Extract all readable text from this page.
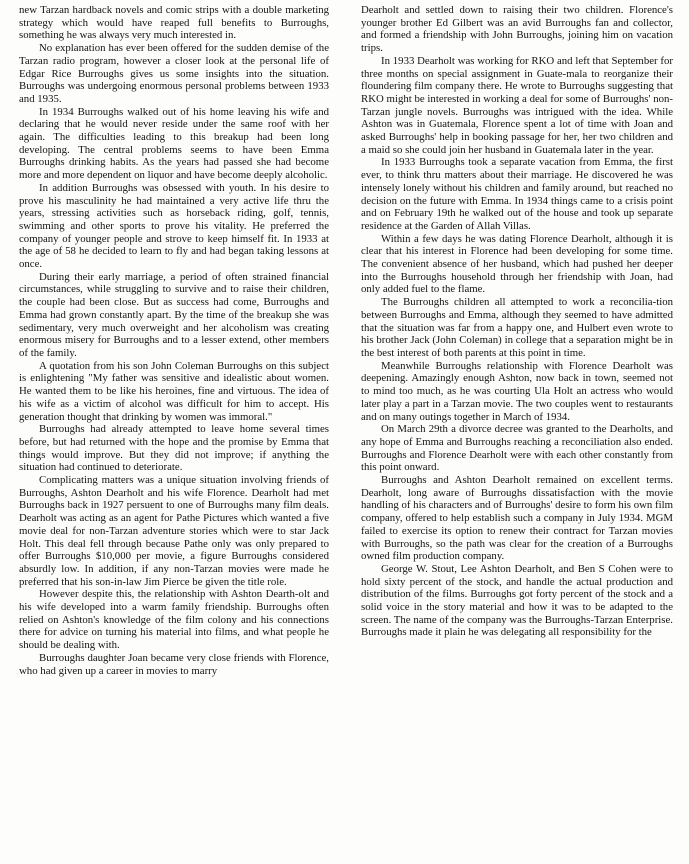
new Tarzan hardback novels and comic strips with a double marketing strategy which would have reaped full benefits to Burroughs, something he was always very much interested in.

No explanation has ever been offered for the sudden demise of the Tarzan radio program, however a closer look at the personal life of Edgar Rice Burroughs gives us some insights into the situation. Burroughs was undergoing enormous personal problems between 1933 and 1935.

In 1934 Burroughs walked out of his home leaving his wife and declaring that he would never reside under the same roof with her again. The difficulties leading to this breakup had been long developing. The central problems seems to have been Emma Burroughs drinking habits. As the years had passed she had become more and more dependent on liquor and have become deeply alcoholic.

In addition Burroughs was obsessed with youth. In his desire to prove his masculinity he had maintained a very active life thru the years, stressing activities such as horseback riding, golf, tennis, swimming and other sports to prove his vitality. He preferred the company of younger people and strove to keep himself fit. In 1933 at the age of 58 he decided to learn to fly and had began taking lessons at once.

During their early marriage, a period of often strained financial circumstances, while struggling to survive and to raise their children, the couple had been close. But as success had come, Burroughs and Emma had grown constantly apart. By the time of the breakup she was sedimentary, very much overweight and her alcoholism was creating enormous misery for Burroughs and to a lesser extend, other members of the family.

A quotation from his son John Coleman Burroughs on this subject is enlightening "My father was sensitive and idealistic about women. He wanted them to be like his heroines, fine and virtuous. The idea of his wife as a victim of alcohol was difficult for him to accept. His generation thought that drinking by women was immoral."

Burroughs had already attempted to leave home several times before, but had returned with the hope and the promise by Emma that things would improve. But they did not improve; if anything the situation had continued to deteriorate.

Complicating matters was a unique situation involving friends of Burroughs, Ashton Dearholt and his wife Florence. Dearholt had met Burroughs back in 1927 persuent to one of Burroughs many film deals. Dearholt was acting as an agent for Pathe Pictures which wanted a five movie deal for non-Tarzan adventure stories which were to star Jack Holt. This deal fell through because Pathe only was only prepared to offer Burroughs $10,000 per movie, a figure Burroughs considered absurdly low. In addition, if any non-Tarzan movies were made he preferred that his son-in-law Jim Pierce be given the title role.

However despite this, the relationship with Ashton Dearth-olt and his wife developed into a warm family friendship. Burroughs often relied on Ashton's knowledge of the film colony and his connections there for advice on turning his material into films, and what people he should be dealing with.

Burroughs daughter Joan became very close friends with Florence, who had given up a career in movies to marry

Dearholt and settled down to raising their two children. Florence's younger brother Ed Gilbert was an avid Burroughs fan and collector, and formed a friendship with John Burroughs, joining him on vacation trips.

In 1933 Dearholt was working for RKO and left that September for three months on special assignment in Guate-mala to reorganize their floundering film company there. He wrote to Burroughs suggesting that RKO might be interested in working a deal for some of Burroughs' non-Tarzan jungle novels. Burroughs was intrigued with the idea. While Ashton was in Guatemala, Florence spent a lot of time with Joan and asked Burroughs' help in booking passage for her, her two children and a maid so she could join her husband in Guatemala later in the year.

In 1933 Burroughs took a separate vacation from Emma, the first ever, to think thru matters about their marriage. He discovered he was intensely lonely without his children and family around, but reached no decision on the future with Emma. In 1934 things came to a crisis point and on February 19th he walked out of the house and took up separate residence at the Garden of Allah Villas.

Within a few days he was dating Florence Dearholt, although it is clear that his interest in Florence had been developing for some time. The convenient absence of her husband, which had pushed her deeper into the Burroughs household through her friendship with Joan, had only added fuel to the flame.

The Burroughs children all attempted to work a reconcilia-tion between Burroughs and Emma, although they seemed to have admitted that the situation was far from a happy one, and Hulbert even wrote to his brother Jack (John Coleman) in college that a separation might be in the best interest of both parents at this point in time.

Meanwhile Burroughs relationship with Florence Dearholt was deepening. Amazingly enough Ashton, now back in town, seemed not to mind too much, as he was courting Ula Holt an actress who would later play a part in a Tarzan movie. The two couples went to restaurants and on many outings together in March of 1934.

On March 29th a divorce decree was granted to the Dearholts, and any hope of Emma and Burroughs reaching a reconciliation also ended. Burroughs and Florence Dearholt were with each other constantly from this point onward.

Burroughs and Ashton Dearholt remained on excellent terms. Dearholt, long aware of Burroughs dissatisfaction with the movie handling of his characters and of Burroughs' desire to form his own film company, offered to help establish such a company in July 1934. MGM failed to exercise its option to renew their contract for Tarzan movies with Burroughs, so the path was clear for the creation of a Burroughs owned film production company.

George W. Stout, Lee Ashton Dearholt, and Ben S Cohen were to hold sixty percent of the stock, and handle the actual production and distribution of the films. Burroughs got forty percent of the stock and a solid voice in the story material and how it was to be adapted to the screen. The name of the company was the Burroughs-Tarzan Enterprise. Burroughs made it plain he was delegating all responsibility for the
